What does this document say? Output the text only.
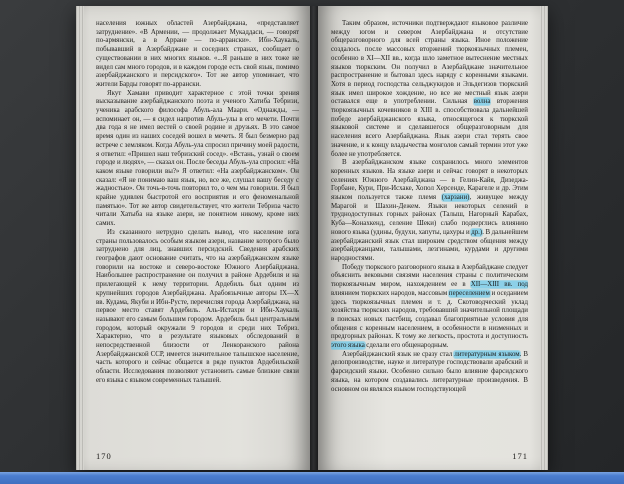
населения южных областей Азербайджана, «представляет затруднение». «В Армении, — продолжает Мукаддаси, — говорят по-армянски, а в Арране — по-аррански». Ибн-Хаукаль, побывавший в Азербайджане и соседних странах, сообщает о существовании в них многих языков. «...Я раньше в них тоже не видел сам много городов, и в каждом городе есть свой язык, помимо азербайджанского и персидского». Тот же автор упоминает, что жители Барды говорят по-аррански.

Якут Хамави приводит характерное с этой точки зрения высказывание азербайджанского поэта и ученого Хатиба Тебризи, ученика арабского философа Абуль-ала Маари. «Однажды, — вспоминает он, — я сидел напротив Абуль-улы в его мечети. Почти два года я не имел вестей о своей родине и друзьях. В это самое время один из наших соседей вошел в мечеть. Я был безмерно рад встрече с земляком. Когда Абуль-ула спросил причину моей радости, я ответил: «Пришел наш тебризский сосед». «Встань, узнай о своем городе и людях», — сказал он. После беседы Абуль-ула спросил: «На каком языке говорили вы?» Я ответил: «На азербайджанском». Он сказал: «Я не понимаю ваш язык, но, все же, слушал вашу беседу с жадностью». Он точь-в-точь повторил то, о чем мы говорили. Я был крайне удивлен быстротой его восприятия и его феноменальной памятью». Тот же автор свидетельствует, что жители Тебриза часто читали Хатыба на языке азери, не понятном никому, кроме них самих.

Из сказанного нетрудно сделать вывод, что население юга страны пользовалось особым языком азери, название которого было затруднено для лиц, знавших персидский. Сведения арабских географов дают основание считать, что на азербайджанском языке говорили на востоке и северо-востоке Южного Азербайджана. Наибольшее распространение он получил в районе Ардебиля и на прилегающей к нему территории. Ардебиль был одним из крупнейших городов Азербайджана. Арабоязычные авторы IX—X вв. Кудама, Якуби и Ибн-Русте, перечисляя города Азербайджана, на первое место ставят Ардебиль. Аль-Истахри и Ибн-Хаукаль называют его самым большим городом. Ардебиль был центральным городом, который окружали 9 городов и среди них Тебриз. Характерно, что в результате языковых обследований в непосредственной близости от Ленкоранского района Азербайджанской ССР, имеется значительное талышское население, часть которого и сейчас общается в ряде пунктов Ардебильской области. Исследования позволяют установить самые близкие связи его языка с языком современных талышей.

170

Таким образом, источники подтверждают языковое различие между югом и севером Азербайджана и отсутствие общеразговорного для всей страны языка. Иное положение создалось после массовых вторжений тюркоязычных племен, особенно в XI—XII вв., когда шло заметное вытеснение местных языков тюркским. Он получил в Азербайджане значительное распространение и бытовал здесь наряду с коренными языками. Хотя в период господства сельджукидов и Эльдегизов тюркский язык имел широкое хождение, но все же местный язык азери оставался еще в употреблении. Сильная волна вторжения тюркоязычных кочевников в XIII в. способствовала дальнейшей победе азербайджанского языка, относящегося к тюркской языковой системе и сделавшегося общеразговорным для населения всего Азербайджана. Язык азери стал терять свое значение, и к концу владычества монголов самый термин этот уже более не употребляется.

В азербайджанском языке сохранилось много элементов коренных языков. На языке азери и сейчас говорят в некоторых селениях Южного Азербайджана — в Гелин-Кайя, Дизеджа-Горбане, Кури, При-Исхаке, Хопол Херсенде, Карагеле и др. Этим языком пользуется также племя (харзани), живущее между Марагой и Шахин-Дежем. Языки некоторых селений в труднодоступных горных районах (Талыш, Нагорный Карабах, Куба—Конахкенд, селение Шеки) слабо подверглись влиянию нового языка (удины, будухи, хапуты, цахуры и др.). В дальнейшем азербайджанский язык стал широким средством общения между азербайджанцами, талышами, лезгинами, курдами и другими народностями.

Победу тюркского разговорного языка в Азербайджане следует объяснить вековыми связями населения страны с политическим тюркоязычным миром, нахождением ее в XII—XIII вв. под влиянием тюркских народов, массовым переселением и оседанием здесь тюркоязычных племен и т. д. Скотоводческий уклад хозяйства тюркских народов, требовавший значительной площади в поисках новых пастбищ, создавал благоприятные условия для общения с коренным населением, в особенности в низменных и предгорных районах. К тому же легкость, простота и доступность этого языка сделали его общенародным.

Азербайджанский язык не сразу стал литературным языком. В делопроизводстве, науке и литературе господствовали арабский и фарсидский языки. Особенно сильно было влияние фарсидского языка, на котором создавались литературные произведения. В основном он являлся языком господствующей

171
